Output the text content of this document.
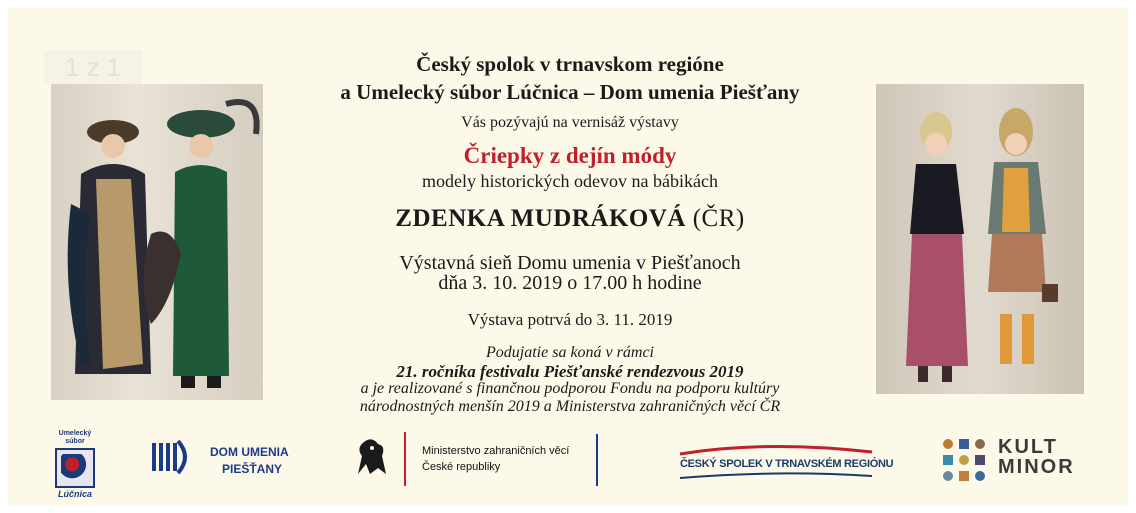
1 z 1	Český spolok v trnavskom regióne
a Umelecký súbor Lúčnica – Dom umenia Piešťany
Vás pozývajú na vernisáž výstavy
Čriepky z dejín módy
modely historických odevov na bábikách
ZDENKA MUDRÁKOVÁ (ČR)
Výstavná sieň Domu umenia v Piešťanoch
dňa 3. 10. 2019 o 17.00 h hodine
Výstava potrvá do 3. 11. 2019
Podujatie sa koná v rámci
21. ročníka festivalu Piešťanské rendezvous 2019
a je realizované s finančnou podporou Fondu na podporu kultúry
národnostných menšín 2019 a Ministerstva zahraničných věcí ČR
Umelecký súbor
Lúčnica
DOM UMENIA
PIEŠŤANY
Ministerstvo zahraničních věcí
České republiky	ČESKÝ SPOLEK V TRNAVSKÉM REGIÓNU
KULT
MINOR
